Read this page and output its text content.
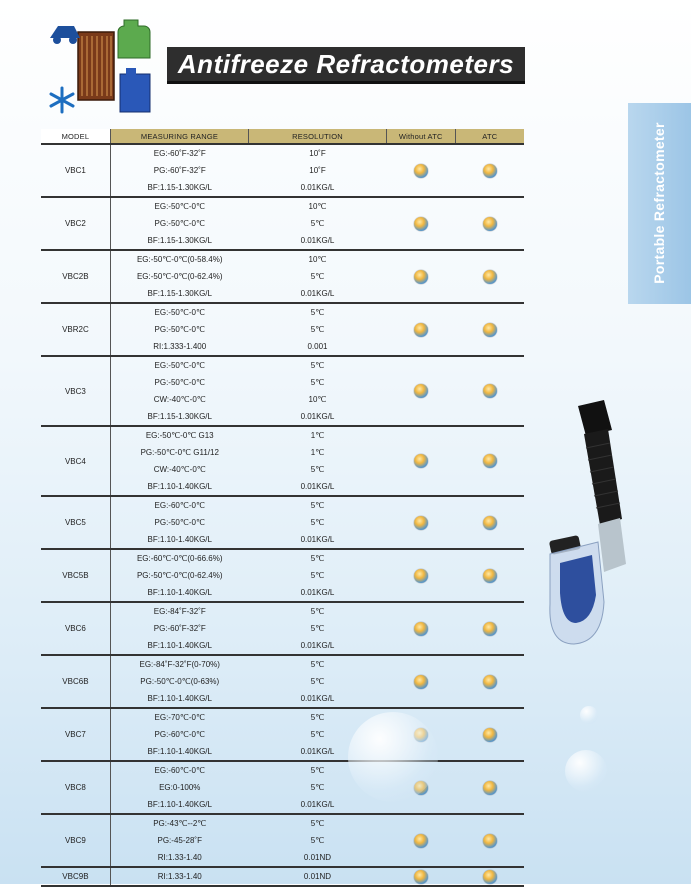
Antifreeze Refractometers
Portable Refractometer
MODEL	MEASURING RANGE	RESOLUTION	Without ATC	ATC
VBC1	EG:-60˚F-32˚F	10˚F		
	PG:-60˚F-32˚F	10˚F		
	BF:1.15-1.30KG/L	0.01KG/L		
VBC2	EG:-50℃-0℃	10℃		
	PG:-50℃-0℃	5℃		
	BF:1.15-1.30KG/L	0.01KG/L		
VBC2B	EG:-50℃-0℃(0-58.4%)	10℃		
	EG:-50℃-0℃(0-62.4%)	5℃		
	BF:1.15-1.30KG/L	0.01KG/L		
VBR2C	EG:-50℃-0℃	5℃		
	PG:-50℃-0℃	5℃		
	RI:1.333-1.400	0.001		
VBC3	EG:-50℃-0℃	5℃		
	PG:-50℃-0℃	5℃		
	CW:-40℃-0℃	10℃		
	BF:1.15-1.30KG/L	0.01KG/L		
VBC4	EG:-50℃-0℃ G13	1℃		
	PG:-50℃-0℃ G11/12	1℃		
	CW:-40℃-0℃	5℃		
	BF:1.10-1.40KG/L	0.01KG/L		
VBC5	EG:-60℃-0℃	5℃		
	PG:-50℃-0℃	5℃		
	BF:1.10-1.40KG/L	0.01KG/L		
VBC5B	EG:-60℃-0℃(0-66.6%)	5℃		
	PG:-50℃-0℃(0-62.4%)	5℃		
	BF:1.10-1.40KG/L	0.01KG/L		
VBC6	EG:-84˚F-32˚F	5℃		
	PG:-60˚F-32˚F	5℃		
	BF:1.10-1.40KG/L	0.01KG/L		
VBC6B	EG:-84˚F-32˚F(0-70%)	5℃		
	PG:-50℃-0℃(0-63%)	5℃		
	BF:1.10-1.40KG/L	0.01KG/L		
VBC7	EG:-70℃-0℃	5℃		
	PG:-60℃-0℃	5℃		
	BF:1.10-1.40KG/L	0.01KG/L		
VBC8	EG:-60℃-0℃	5℃		
	EG:0-100%	5℃		
	BF:1.10-1.40KG/L	0.01KG/L		
VBC9	PG:-43℃--2℃	5℃		
	PG:-45-28˚F	5℃		
	RI:1.33-1.40	0.01ND		
VBC9B	RI:1.33-1.40	0.01ND		
